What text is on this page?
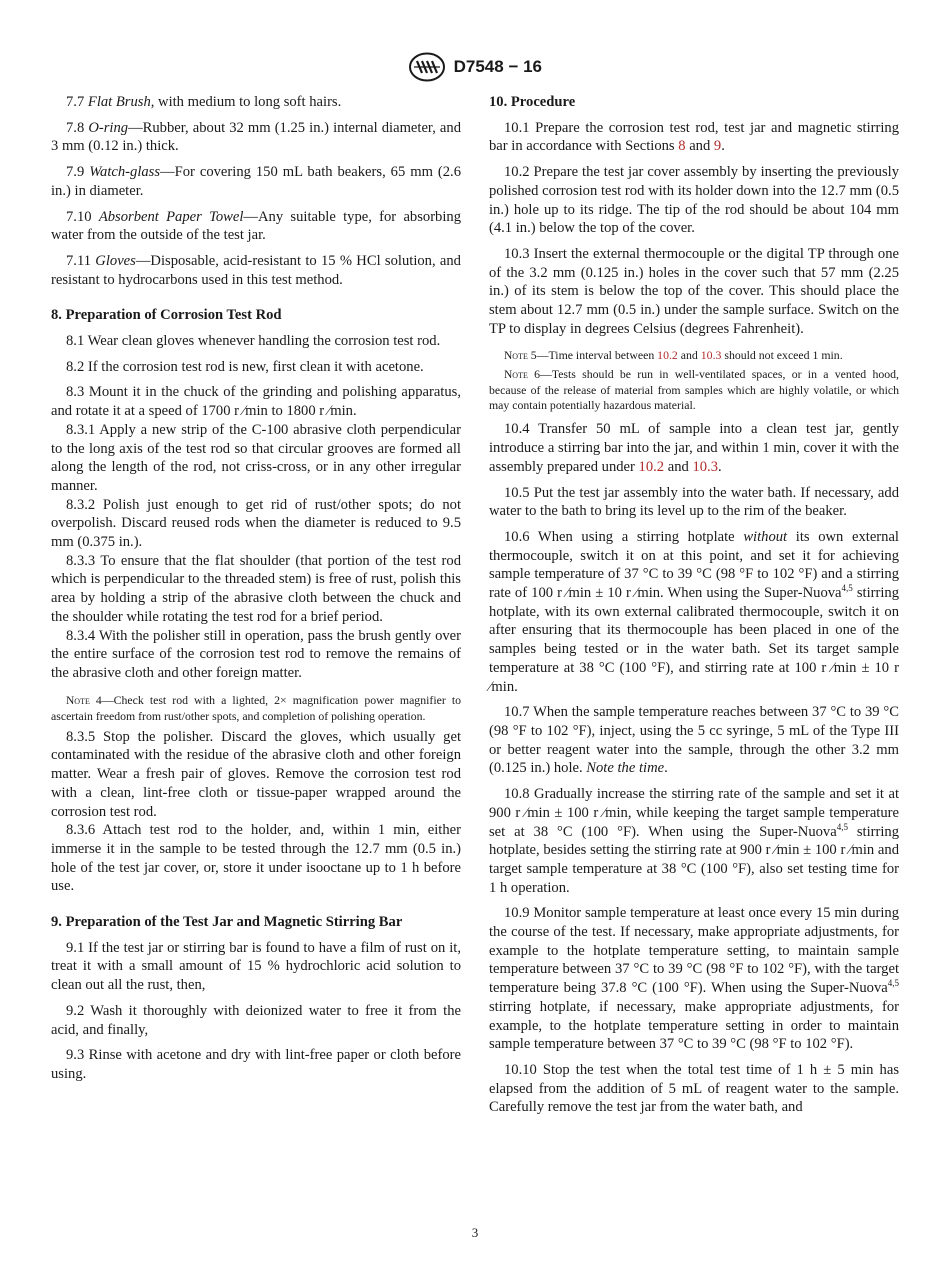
D7548 − 16

7.7 Flat Brush, with medium to long soft hairs.

7.8 O-ring—Rubber, about 32 mm (1.25 in.) internal diameter, and 3 mm (0.12 in.) thick.

7.9 Watch-glass—For covering 150 mL bath beakers, 65 mm (2.6 in.) in diameter.

7.10 Absorbent Paper Towel—Any suitable type, for absorbing water from the outside of the test jar.

7.11 Gloves—Disposable, acid-resistant to 15 % HCl solution, and resistant to hydrocarbons used in this test method.

8. Preparation of Corrosion Test Rod

8.1 Wear clean gloves whenever handling the corrosion test rod.

8.2 If the corrosion test rod is new, first clean it with acetone.

8.3 Mount it in the chuck of the grinding and polishing apparatus, and rotate it at a speed of 1700 r ⁄min to 1800 r ⁄min.

8.3.1 Apply a new strip of the C-100 abrasive cloth perpendicular to the long axis of the test rod so that circular grooves are formed all along the length of the rod, not criss-cross, or in any other irregular manner.

8.3.2 Polish just enough to get rid of rust/other spots; do not overpolish. Discard reused rods when the diameter is reduced to 9.5 mm (0.375 in.).

8.3.3 To ensure that the flat shoulder (that portion of the test rod which is perpendicular to the threaded stem) is free of rust, polish this area by holding a strip of the abrasive cloth between the chuck and the shoulder while rotating the test rod for a brief period.

8.3.4 With the polisher still in operation, pass the brush gently over the entire surface of the corrosion test rod to remove the remains of the abrasive cloth and other foreign matter.

Note 4—Check test rod with a lighted, 2× magnification power magnifier to ascertain freedom from rust/other spots, and completion of polishing operation.

8.3.5 Stop the polisher. Discard the gloves, which usually get contaminated with the residue of the abrasive cloth and other foreign matter. Wear a fresh pair of gloves. Remove the corrosion test rod with a clean, lint-free cloth or tissue-paper wrapped around the corrosion test rod.

8.3.6 Attach test rod to the holder, and, within 1 min, either immerse it in the sample to be tested through the 12.7 mm (0.5 in.) hole of the test jar cover, or, store it under isooctane up to 1 h before use.

9. Preparation of the Test Jar and Magnetic Stirring Bar

9.1 If the test jar or stirring bar is found to have a film of rust on it, treat it with a small amount of 15 % hydrochloric acid solution to clean out all the rust, then,

9.2 Wash it thoroughly with deionized water to free it from the acid, and finally,

9.3 Rinse with acetone and dry with lint-free paper or cloth before using.

10. Procedure

10.1 Prepare the corrosion test rod, test jar and magnetic stirring bar in accordance with Sections 8 and 9.

10.2 Prepare the test jar cover assembly by inserting the previously polished corrosion test rod with its holder down into the 12.7 mm (0.5 in.) hole up to its ridge. The tip of the rod should be about 104 mm (4.1 in.) below the top of the cover.

10.3 Insert the external thermocouple or the digital TP through one of the 3.2 mm (0.125 in.) holes in the cover such that 57 mm (2.25 in.) of its stem is below the top of the cover. This should place the stem about 12.7 mm (0.5 in.) under the sample surface. Switch on the TP to display in degrees Celsius (degrees Fahrenheit).

Note 5—Time interval between 10.2 and 10.3 should not exceed 1 min.

Note 6—Tests should be run in well-ventilated spaces, or in a vented hood, because of the release of material from samples which are highly volatile, or which may contain potentially hazardous material.

10.4 Transfer 50 mL of sample into a clean test jar, gently introduce a stirring bar into the jar, and within 1 min, cover it with the assembly prepared under 10.2 and 10.3.

10.5 Put the test jar assembly into the water bath. If necessary, add water to the bath to bring its level up to the rim of the beaker.

10.6 When using a stirring hotplate without its own external thermocouple, switch it on at this point, and set it for achieving sample temperature of 37 °C to 39 °C (98 °F to 102 °F) and a stirring rate of 100 r ⁄min ± 10 r ⁄min. When using the Super-Nuova$^{4,5}$ stirring hotplate, with its own external calibrated thermocouple, switch it on after ensuring that its thermocouple has been placed in one of the samples being tested or in the water bath. Set its target sample temperature at 38 °C (100 °F), and stirring rate at 100 r ⁄min ± 10 r ⁄min.

10.7 When the sample temperature reaches between 37 °C to 39 °C (98 °F to 102 °F), inject, using the 5 cc syringe, 5 mL of the Type III or better reagent water into the sample, through the other 3.2 mm (0.125 in.) hole. Note the time.

10.8 Gradually increase the stirring rate of the sample and set it at 900 r ⁄min ± 100 r ⁄min, while keeping the target sample temperature set at 38 °C (100 °F). When using the Super-Nuova$^{4,5}$ stirring hotplate, besides setting the stirring rate at 900 r ⁄min ± 100 r ⁄min and target sample temperature at 38 °C (100 °F), also set testing time for 1 h operation.

10.9 Monitor sample temperature at least once every 15 min during the course of the test. If necessary, make appropriate adjustments, for example to the hotplate temperature setting, to maintain sample temperature between 37 °C to 39 °C (98 °F to 102 °F), with the target temperature being 37.8 °C (100 °F). When using the Super-Nuova$^{4,5}$ stirring hotplate, if necessary, make appropriate adjustments, for example, to the hotplate temperature setting in order to maintain sample temperature between 37 °C to 39 °C (98 °F to 102 °F).

10.10 Stop the test when the total test time of 1 h ± 5 min has elapsed from the addition of 5 mL of reagent water to the sample. Carefully remove the test jar from the water bath, and

3
